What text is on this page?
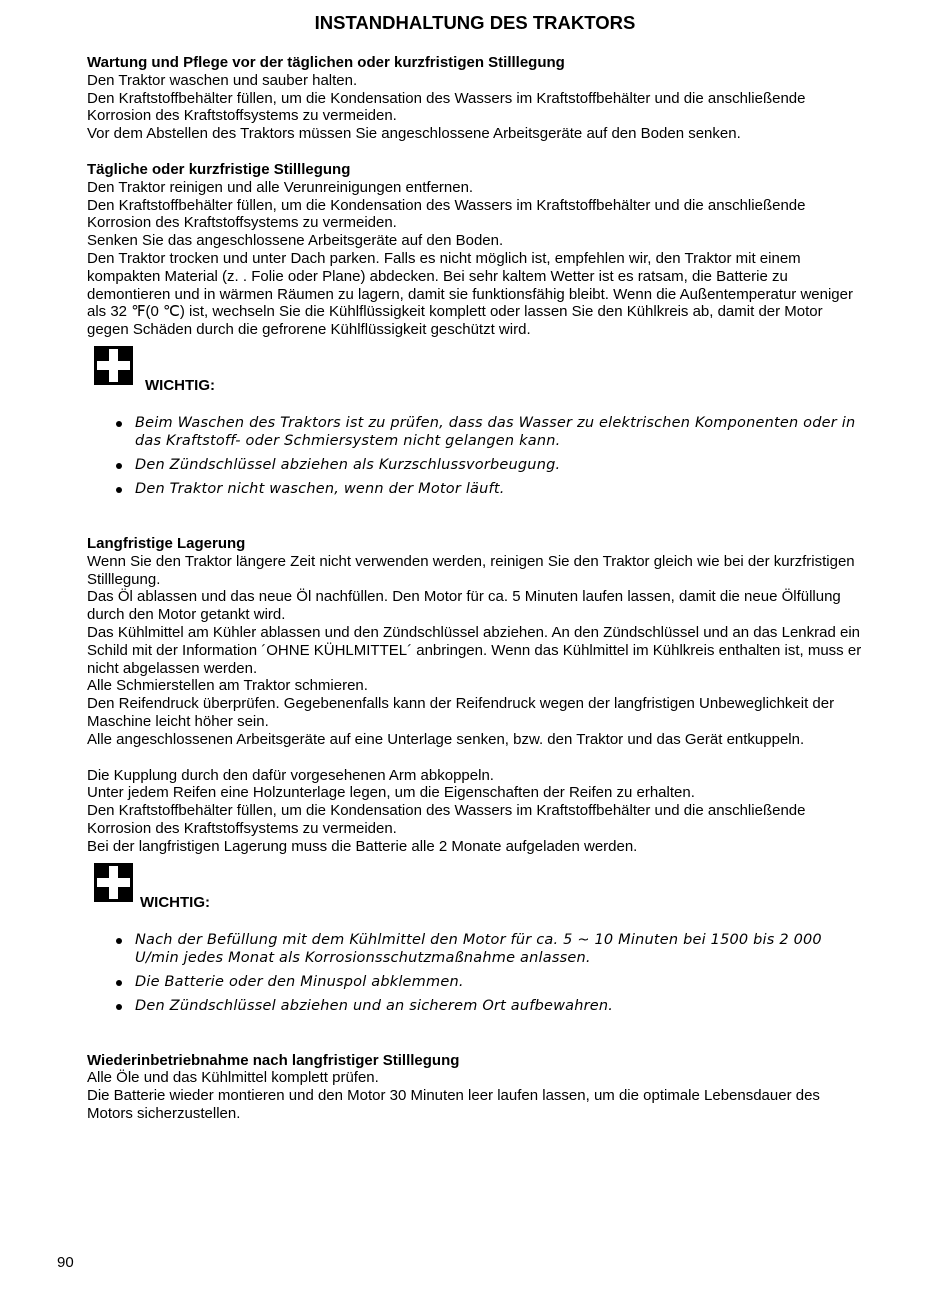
INSTANDHALTUNG DES TRAKTORS

Wartung und Pflege vor der täglichen oder kurzfristigen Stilllegung

Den Traktor waschen und sauber halten.

Den Kraftstoffbehälter füllen, um die Kondensation des Wassers im Kraftstoffbehälter und die anschließende Korrosion des Kraftstoffsystems zu vermeiden.

Vor dem Abstellen des Traktors müssen Sie angeschlossene Arbeitsgeräte auf den Boden senken.

Tägliche oder kurzfristige Stilllegung

Den Traktor reinigen und alle Verunreinigungen entfernen.

Den Kraftstoffbehälter füllen, um die Kondensation des Wassers im Kraftstoffbehälter und die anschließende Korrosion des Kraftstoffsystems zu vermeiden.

Senken Sie das angeschlossene Arbeitsgeräte auf den Boden.

Den Traktor trocken und unter Dach parken. Falls es nicht möglich ist, empfehlen wir, den Traktor mit einem kompakten Material (z. . Folie oder Plane) abdecken. Bei sehr kaltem Wetter ist es ratsam, die Batterie zu demontieren und in wärmen Räumen zu lagern, damit sie funktionsfähig bleibt. Wenn die Außentemperatur weniger als 32 ℉(0 ℃) ist, wechseln Sie die Kühlflüssigkeit komplett oder lassen Sie den Kühlkreis ab, damit der Motor gegen Schäden durch die gefrorene Kühlflüssigkeit geschützt wird.

WICHTIG:
Beim Waschen des Traktors ist zu prüfen, dass das Wasser zu elektrischen Komponenten oder in das Kraftstoff- oder Schmiersystem nicht gelangen kann.
Den Zündschlüssel abziehen als Kurzschlussvorbeugung.
Den Traktor nicht waschen, wenn der Motor läuft.

Langfristige Lagerung

Wenn Sie den Traktor längere Zeit nicht verwenden werden, reinigen Sie den Traktor gleich wie bei der kurzfristigen Stilllegung.

Das Öl ablassen und das neue Öl nachfüllen. Den Motor für ca. 5 Minuten laufen lassen, damit die neue Ölfüllung durch den Motor getankt wird.

Das Kühlmittel am Kühler ablassen und den Zündschlüssel abziehen. An den Zündschlüssel und an das Lenkrad ein Schild mit der Information ´OHNE KÜHLMITTEL´ anbringen. Wenn das Kühlmittel im Kühlkreis enthalten ist, muss er nicht abgelassen werden.

Alle Schmierstellen am Traktor schmieren.

Den Reifendruck überprüfen. Gegebenenfalls kann der Reifendruck wegen der langfristigen Unbeweglichkeit der Maschine leicht höher sein.

Alle angeschlossenen Arbeitsgeräte auf eine Unterlage senken, bzw. den Traktor und das Gerät entkuppeln.

Die Kupplung durch den dafür vorgesehenen Arm abkoppeln.

Unter jedem Reifen eine Holzunterlage legen, um die Eigenschaften der Reifen zu erhalten.

Den Kraftstoffbehälter füllen, um die Kondensation des Wassers im Kraftstoffbehälter und die anschließende Korrosion des Kraftstoffsystems zu vermeiden.

Bei der langfristigen Lagerung muss die Batterie alle 2 Monate aufgeladen werden.

WICHTIG:
Nach der Befüllung mit dem Kühlmittel den Motor für ca. 5 ~ 10 Minuten bei 1500 bis 2 000 U/min jedes Monat als Korrosionsschutzmaßnahme anlassen.
Die Batterie oder den Minuspol abklemmen.
Den Zündschlüssel abziehen und an sicherem Ort aufbewahren.

Wiederinbetriebnahme nach langfristiger Stilllegung

Alle Öle und das Kühlmittel komplett prüfen.

Die Batterie wieder montieren und den Motor 30 Minuten leer laufen lassen, um die optimale Lebensdauer des Motors sicherzustellen.

90
